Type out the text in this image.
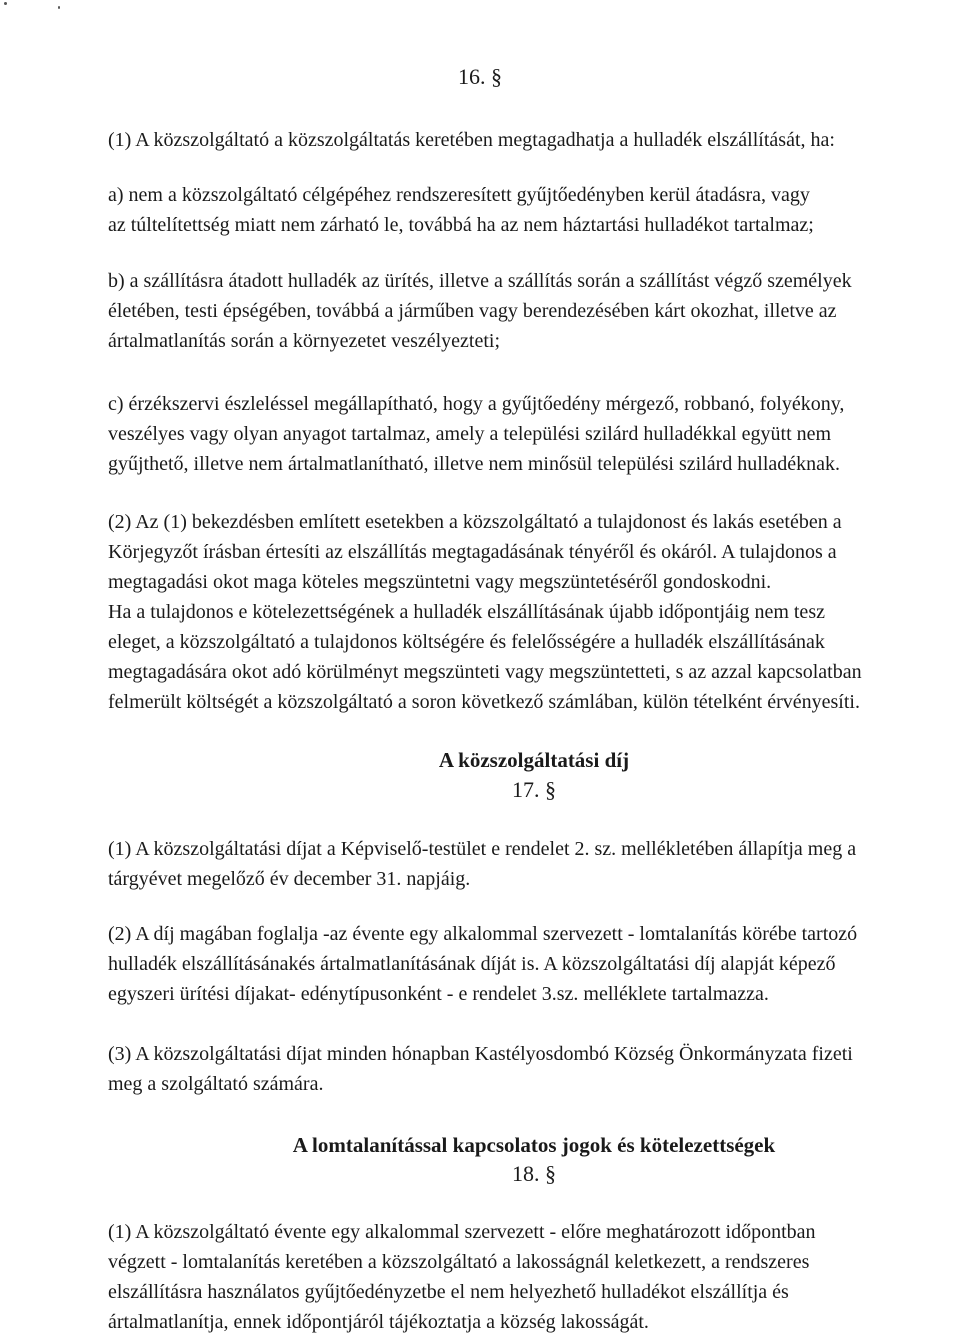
16. §
(1) A közszolgáltató a közszolgáltatás keretében megtagadhatja a hulladék elszállítását, ha:
a) nem a közszolgáltató célgépéhez rendszeresített gyűjtőedényben kerül átadásra, vagy
az túltelítettség miatt nem zárható le, továbbá ha az nem háztartási hulladékot tartalmaz;
b) a szállításra átadott hulladék az ürítés, illetve a szállítás során a szállítást végző személyek
életében, testi épségében, továbbá a járműben vagy berendezésében kárt okozhat, illetve az
ártalmatlanítás során a környezetet veszélyezteti;
c) érzékszervi észleléssel megállapítható, hogy a gyűjtőedény mérgező, robbanó, folyékony,
veszélyes vagy olyan anyagot tartalmaz, amely a települési szilárd hulladékkal együtt nem
gyűjthető, illetve nem ártalmatlanítható, illetve nem minősül települési szilárd hulladéknak.
(2) Az (1) bekezdésben említett esetekben a közszolgáltató a tulajdonost és lakás esetében a
Körjegyzőt írásban értesíti az elszállítás megtagadásának tényéről és okáról. A tulajdonos a
megtagadási okot maga köteles megszüntetni vagy megszüntetéséről gondoskodni.
Ha a tulajdonos e kötelezettségének a hulladék elszállításának újabb időpontjáig nem tesz
eleget, a közszolgáltató a tulajdonos költségére és felelősségére a hulladék elszállításának
megtagadására okot adó körülményt megszünteti vagy megszüntetteti, s az azzal kapcsolatban
felmerült költségét a közszolgáltató a soron következő számlában, külön tételként érvényesíti.
A közszolgáltatási díj
17. §
(1) A közszolgáltatási díjat a Képviselő-testület e rendelet 2. sz. mellékletében állapítja meg a
tárgyévet megelőző év december 31. napjáig.
(2) A díj magában foglalja -az évente egy alkalommal szervezett - lomtalanítás körébe tartozó
hulladék elszállításánakés ártalmatlanításának díját is. A közszolgáltatási díj alapját képező
egyszeri ürítési díjakat- edénytípusonként - e rendelet 3.sz. melléklete tartalmazza.
(3) A közszolgáltatási díjat minden hónapban Kastélyosdombó Község Önkormányzata fizeti
meg a szolgáltató számára.
A lomtalanítással kapcsolatos jogok és kötelezettségek
18. §
(1) A közszolgáltató évente egy alkalommal szervezett - előre meghatározott időpontban
végzett - lomtalanítás keretében a közszolgáltató a lakosságnál keletkezett, a rendszeres
elszállításra használatos gyűjtőedényzetbe el nem helyezhető hulladékot elszállítja és
ártalmatlanítja, ennek időpontjáról tájékoztatja a község lakosságát.
